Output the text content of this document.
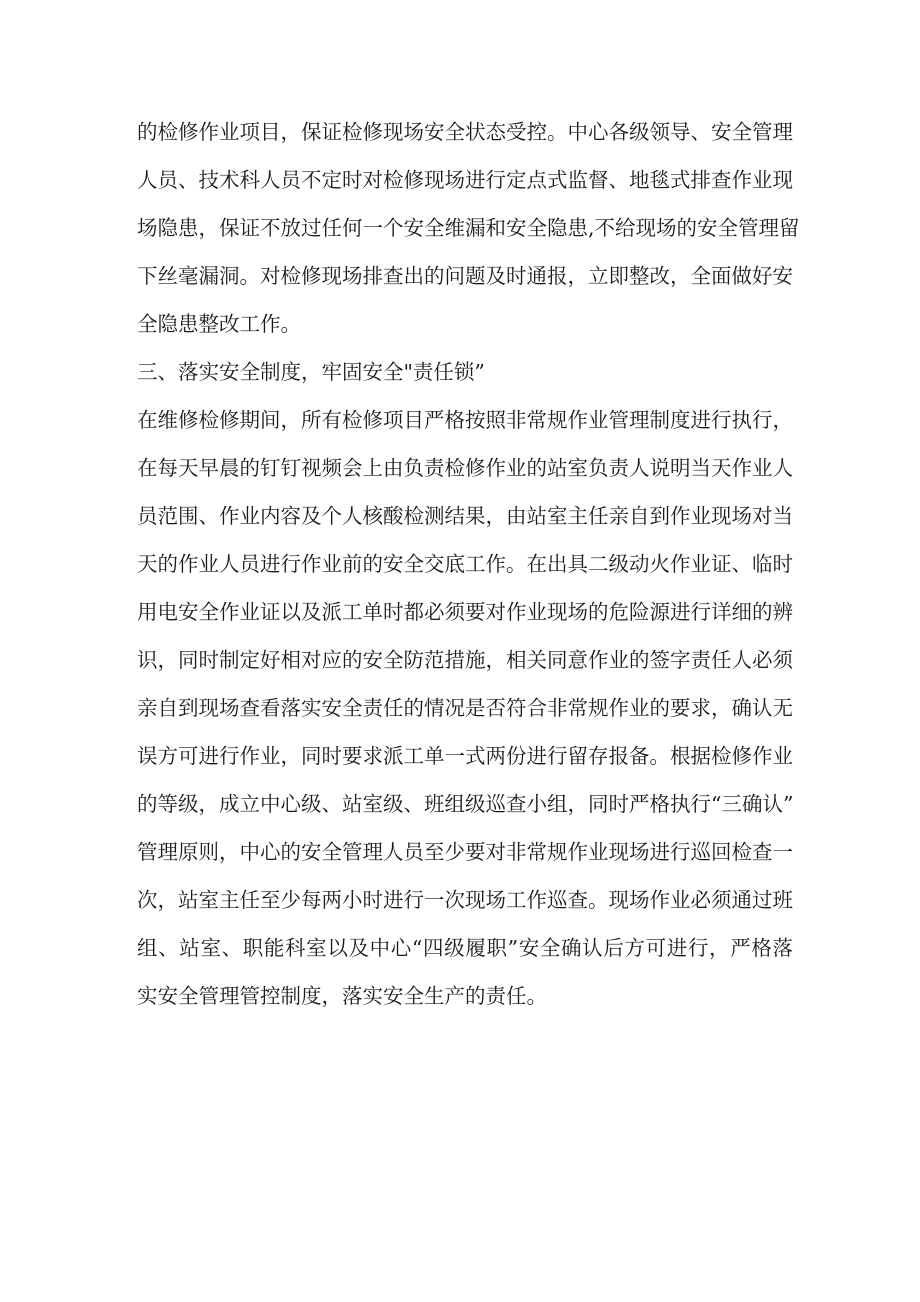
的检修作业项目，保证检修现场安全状态受控。中心各级领导、安全管理
人员、技术科人员不定时对检修现场进行定点式监督、地毯式排查作业现
场隐患，保证不放过任何一个安全维漏和安全隐患,不给现场的安全管理留
下丝毫漏洞。对检修现场排查出的问题及时通报，立即整改，全面做好安
全隐患整改工作。
三、落实安全制度，牢固安全"责任锁”
在维修检修期间，所有检修项目严格按照非常规作业管理制度进行执行，
在每天早晨的钉钉视频会上由负责检修作业的站室负责人说明当天作业人
员范围、作业内容及个人核酸检测结果，由站室主任亲自到作业现场对当
天的作业人员进行作业前的安全交底工作。在出具二级动火作业证、临时
用电安全作业证以及派工单时都必须要对作业现场的危险源进行详细的辨
识，同时制定好相对应的安全防范措施，相关同意作业的签字责任人必须
亲自到现场查看落实安全责任的情况是否符合非常规作业的要求，确认无
误方可进行作业，同时要求派工单一式两份进行留存报备。根据检修作业
的等级，成立中心级、站室级、班组级巡查小组，同时严格执行“三确认”
管理原则，中心的安全管理人员至少要对非常规作业现场进行巡回检查一
次，站室主任至少每两小时进行一次现场工作巡查。现场作业必须通过班
组、站室、职能科室以及中心“四级履职”安全确认后方可进行，严格落
实安全管理管控制度，落实安全生产的责任。
